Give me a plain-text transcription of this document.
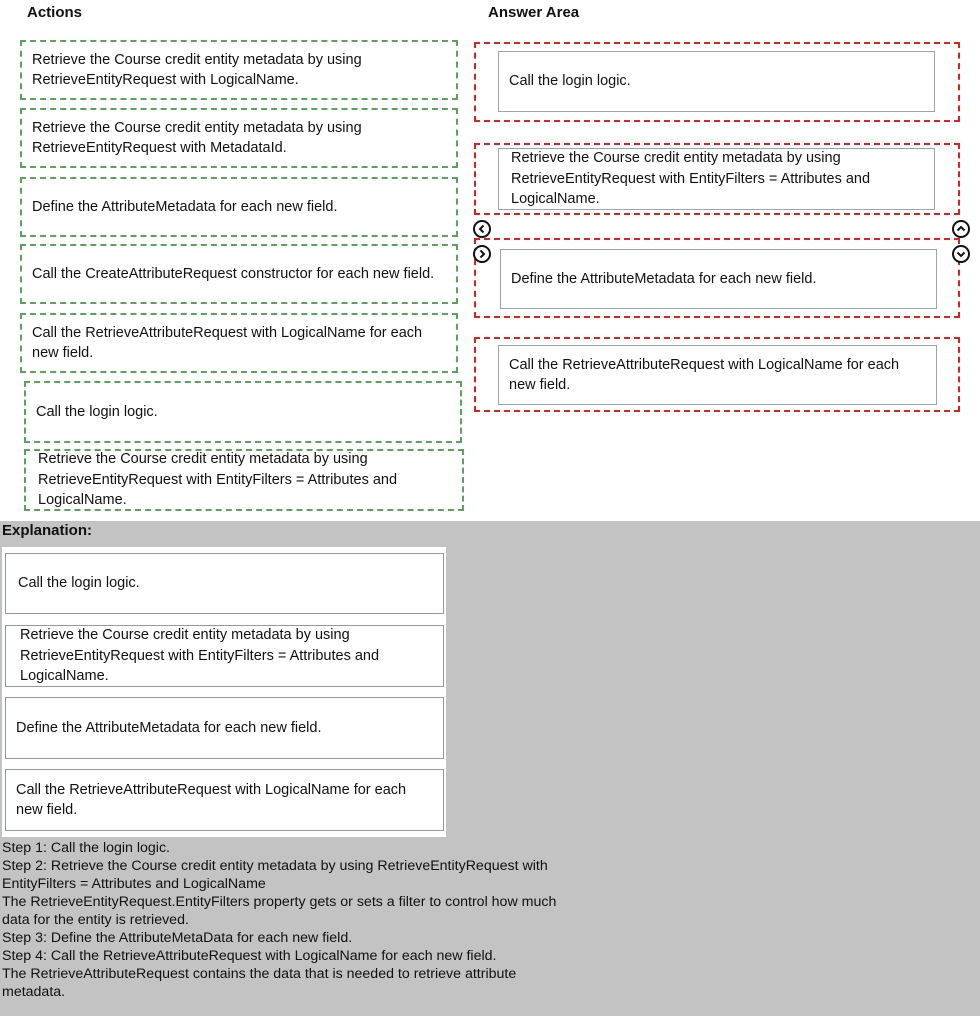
Actions	Answer Area
Retrieve the Course credit entity metadata by using
RetrieveEntityRequest with LogicalName.
Retrieve the Course credit entity metadata by using
RetrieveEntityRequest with MetadataId.
Define the AttributeMetadata for each new field.
Call the CreateAttributeRequest constructor for each new field.
Call the RetrieveAttributeRequest with LogicalName for each
new field.
Call the login logic.
Retrieve the Course credit entity metadata by using
RetrieveEntityRequest with EntityFilters = Attributes and
LogicalName.
Call the login logic.
Retrieve the Course credit entity metadata by using
RetrieveEntityRequest with EntityFilters = Attributes and
LogicalName.
Define the AttributeMetadata for each new field.
Call the RetrieveAttributeRequest with LogicalName for each
new field.
Explanation:
Call the login logic.
Retrieve the Course credit entity metadata by using
RetrieveEntityRequest with EntityFilters = Attributes and
LogicalName.
Define the AttributeMetadata for each new field.
Call the RetrieveAttributeRequest with LogicalName for each
new field.
Step 1: Call the login logic.
Step 2: Retrieve the Course credit entity metadata by using RetrieveEntityRequest with
EntityFilters = Attributes and LogicalName
The RetrieveEntityRequest.EntityFilters property gets or sets a filter to control how much
data for the entity is retrieved.
Step 3: Define the AttributeMetaData for each new field.
Step 4: Call the RetrieveAttributeRequest with LogicalName for each new field.
The RetrieveAttributeRequest contains the data that is needed to retrieve attribute
metadata.
